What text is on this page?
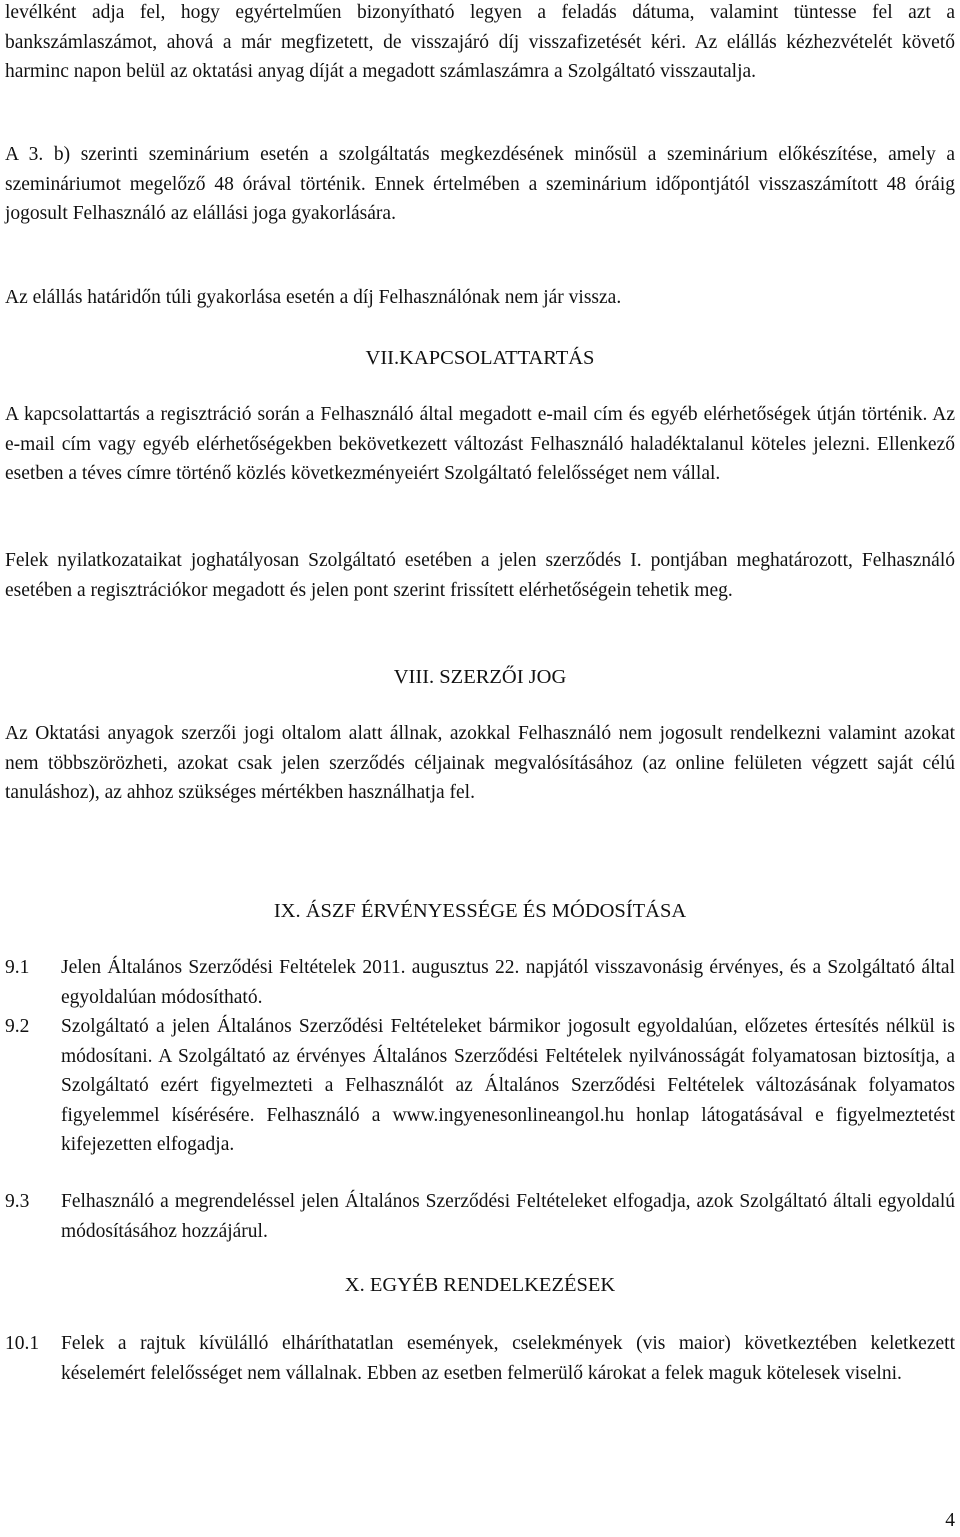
levélként adja fel, hogy egyértelműen bizonyítható legyen a feladás dátuma, valamint tüntesse fel azt a bankszámlaszámot, ahová a már megfizetett, de visszajáró díj visszafizetését kéri. Az elállás kézhezvételét követő harminc napon belül az oktatási anyag díját a megadott számlaszámra a Szolgáltató visszautalja.

A 3. b) szerinti szeminárium esetén a szolgáltatás megkezdésének minősül a szeminárium előkészítése, amely a szemináriumot megelőző 48 órával történik. Ennek értelmében a szeminárium időpontjától visszaszámított 48 óráig jogosult Felhasználó az elállási joga gyakorlására.

Az elállás határidőn túli gyakorlása esetén a díj Felhasználónak nem jár vissza.

VII.KAPCSOLATTARTÁS

A kapcsolattartás a regisztráció során a Felhasználó által megadott e-mail cím és egyéb elérhetőségek útján történik. Az e-mail cím vagy egyéb elérhetőségekben bekövetkezett változást Felhasználó haladéktalanul köteles jelezni. Ellenkező esetben a téves címre történő közlés következményeiért Szolgáltató felelősséget nem vállal.

Felek nyilatkozataikat joghatályosan Szolgáltató esetében a jelen szerződés I. pontjában meghatározott, Felhasználó esetében a regisztrációkor megadott és jelen pont szerint frissített elérhetőségein tehetik meg.

VIII. SZERZŐI JOG

Az Oktatási anyagok szerzői jogi oltalom alatt állnak, azokkal Felhasználó nem jogosult rendelkezni valamint azokat nem többszörözheti, azokat csak jelen szerződés céljainak megvalósításához (az online felületen végzett saját célú tanuláshoz), az ahhoz szükséges mértékben használhatja fel.

IX. ÁSZF ÉRVÉNYESSÉGE ÉS MÓDOSÍTÁSA
9.1	Jelen Általános Szerződési Feltételek 2011. augusztus 22. napjától visszavonásig érvényes, és a Szolgáltató által egyoldalúan módosítható.
9.2	Szolgáltató a jelen Általános Szerződési Feltételeket bármikor jogosult egyoldalúan, előzetes értesítés nélkül is módosítani. A Szolgáltató az érvényes Általános Szerződési Feltételek nyilvánosságát folyamatosan biztosítja, a Szolgáltató ezért figyelmezteti a Felhasználót az Általános Szerződési Feltételek változásának folyamatos figyelemmel kísérésére. Felhasználó a www.ingyenesonlineangol.hu honlap látogatásával e figyelmeztetést kifejezetten elfogadja.
9.3	Felhasználó a megrendeléssel jelen Általános Szerződési Feltételeket elfogadja, azok Szolgáltató általi egyoldalú módosításához hozzájárul.
X. EGYÉB RENDELKEZÉSEK
10.1	Felek a rajtuk kívülálló elháríthatatlan események, cselekmények (vis maior) következtében keletkezett késelemért felelősséget nem vállalnak. Ebben az esetben felmerülő károkat a felek maguk kötelesek viselni.
4
